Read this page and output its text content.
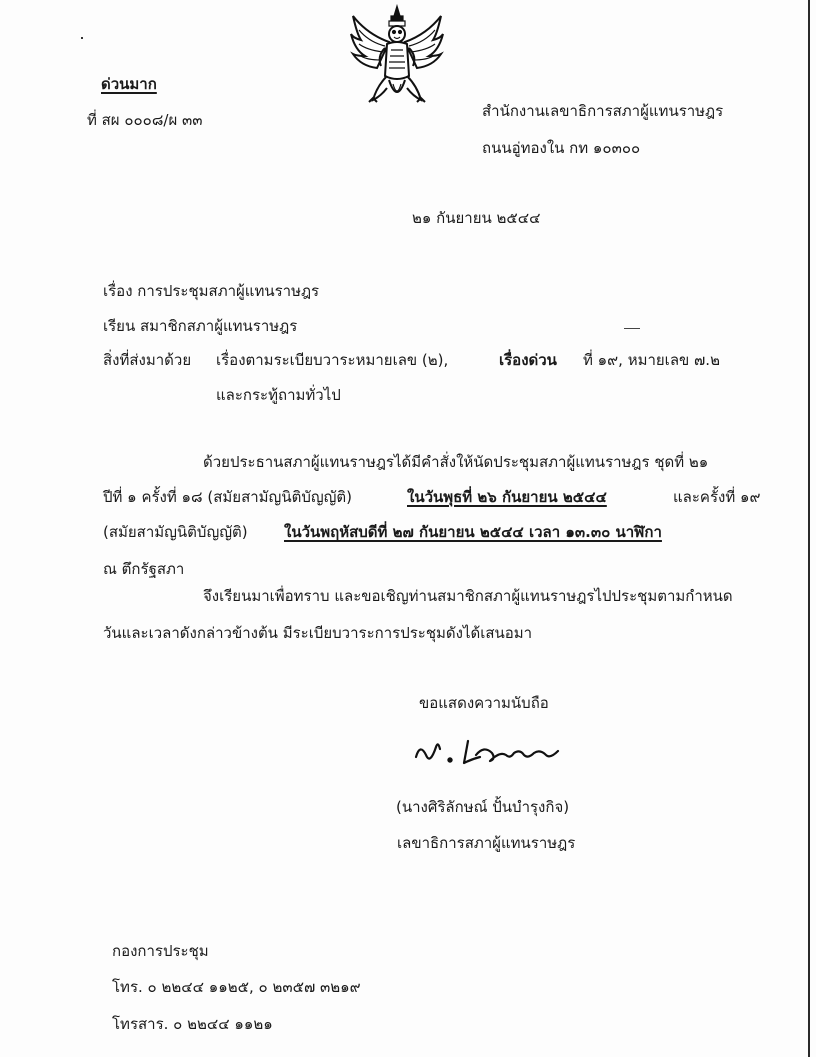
ด่วนมาก
ที่ สผ ๐๐๐๘/ผ ๓๓	สำนักงานเลขาธิการสภาผู้แทนราษฎร
ถนนอู่ทองใน กท ๑๐๓๐๐
๒๑ กันยายน ๒๕๔๔
เรื่อง การประชุมสภาผู้แทนราษฎร
เรียน สมาชิกสภาผู้แทนราษฎร
สิ่งที่ส่งมาด้วย เรื่องตามระเบียบวาระหมายเลข (๒),	เรื่องด่วน ที่ ๑๙, หมายเลข ๗.๒
และกระทู้ถามทั่วไป
ด้วยประธานสภาผู้แทนราษฎรได้มีคำสั่งให้นัดประชุมสภาผู้แทนราษฎร ชุดที่ ๒๑
ปีที่ ๑ ครั้งที่ ๑๘ (สมัยสามัญนิติบัญญัติ)	ในวันพุธที่ ๒๖ กันยายน ๒๕๔๔	และครั้งที่ ๑๙
(สมัยสามัญนิติบัญญัติ) ในวันพฤหัสบดีที่ ๒๗ กันยายน ๒๕๔๔ เวลา ๑๓.๓๐ นาฬิกา
ณ ตึกรัฐสภา
จึงเรียนมาเพื่อทราบ และขอเชิญท่านสมาชิกสภาผู้แทนราษฎรไปประชุมตามกำหนด
วันและเวลาดังกล่าวข้างต้น มีระเบียบวาระการประชุมดังได้เสนอมา
ขอแสดงความนับถือ
(นางศิริลักษณ์ ปั้นบำรุงกิจ)
เลขาธิการสภาผู้แทนราษฎร
กองการประชุม
โทร. ๐ ๒๒๔๔ ๑๑๒๕, ๐ ๒๓๕๗ ๓๒๑๙
โทรสาร. ๐ ๒๒๔๔ ๑๑๒๑
